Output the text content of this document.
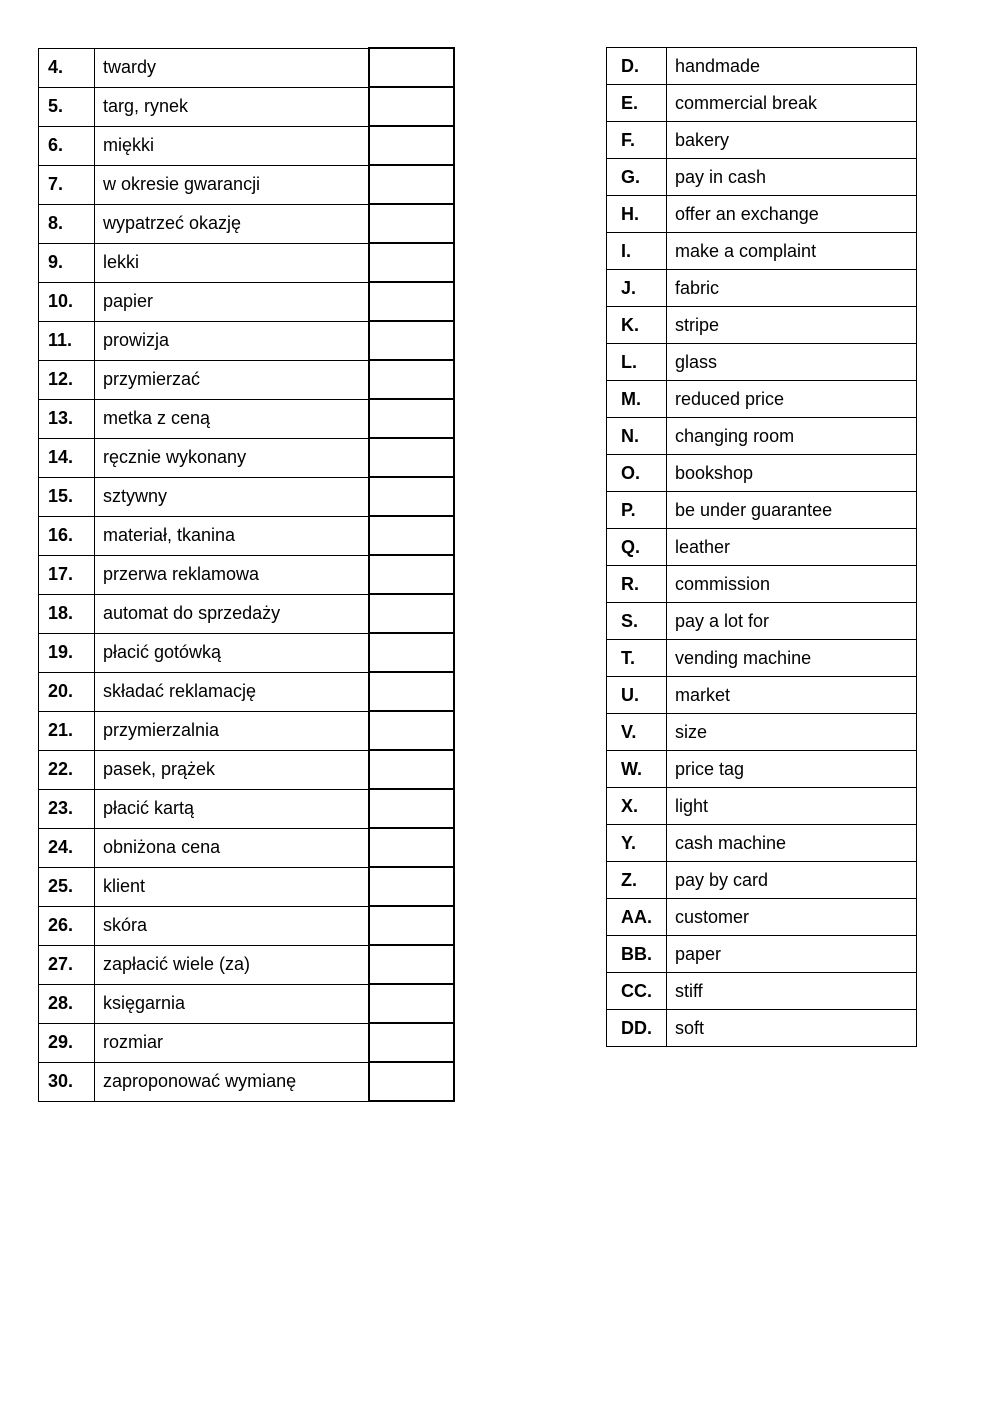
4.	twardy	
5.	targ, rynek	
6.	miękki	
7.	w okresie gwarancji	
8.	wypatrzeć okazję	
9.	lekki	
10.	papier	
11.	prowizja	
12.	przymierzać	
13.	metka z ceną	
14.	ręcznie wykonany	
15.	sztywny	
16.	materiał, tkanina	
17.	przerwa reklamowa	
18.	automat do sprzedaży	
19.	płacić gotówką	
20.	składać reklamację	
21.	przymierzalnia	
22.	pasek, prążek	
23.	płacić kartą	
24.	obniżona cena	
25.	klient	
26.	skóra	
27.	zapłacić wiele (za)	
28.	księgarnia	
29.	rozmiar	
30.	zaproponować wymianę	
D.	handmade
E.	commercial break
F.	bakery
G.	pay in cash
H.	offer an exchange
I.	make a complaint
J.	fabric
K.	stripe
L.	glass
M.	reduced price
N.	changing room
O.	bookshop
P.	be under guarantee
Q.	leather
R.	commission
S.	pay a lot for
T.	vending machine
U.	market
V.	size
W.	price tag
X.	light
Y.	cash machine
Z.	pay by card
AA.	customer
BB.	paper
CC.	stiff
DD.	soft
